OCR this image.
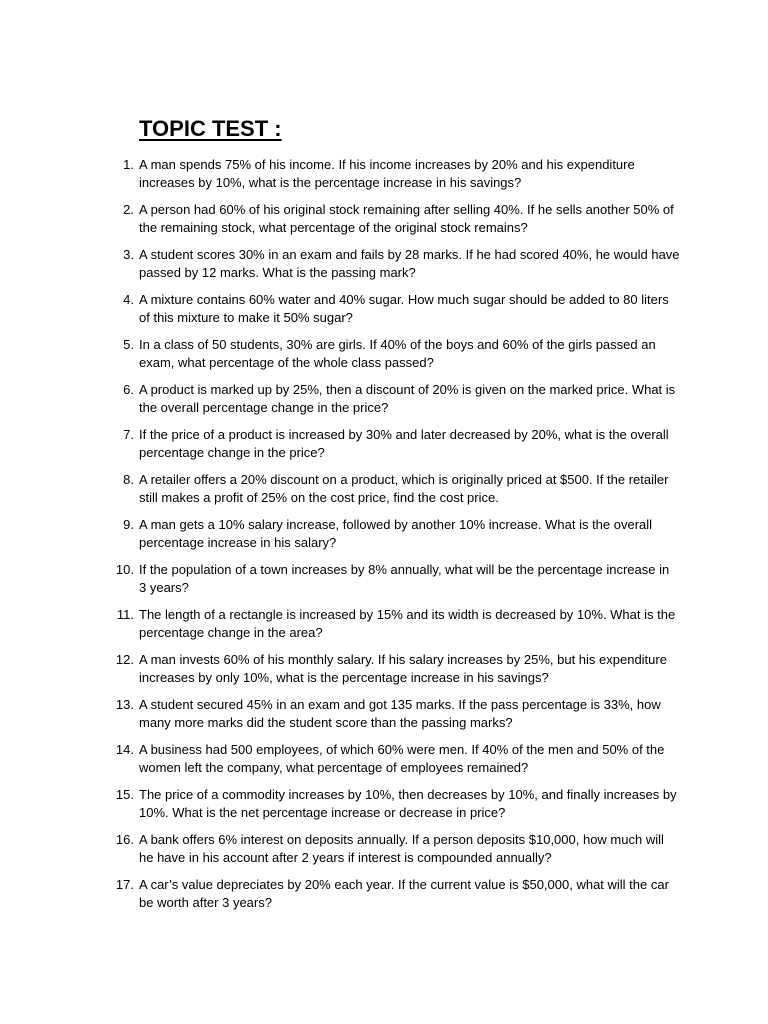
TOPIC TEST :
1. A man spends 75% of his income. If his income increases by 20% and his expenditure increases by 10%, what is the percentage increase in his savings?
2. A person had 60% of his original stock remaining after selling 40%. If he sells another 50% of the remaining stock, what percentage of the original stock remains?
3. A student scores 30% in an exam and fails by 28 marks. If he had scored 40%, he would have passed by 12 marks. What is the passing mark?
4. A mixture contains 60% water and 40% sugar. How much sugar should be added to 80 liters of this mixture to make it 50% sugar?
5. In a class of 50 students, 30% are girls. If 40% of the boys and 60% of the girls passed an exam, what percentage of the whole class passed?
6. A product is marked up by 25%, then a discount of 20% is given on the marked price. What is the overall percentage change in the price?
7. If the price of a product is increased by 30% and later decreased by 20%, what is the overall percentage change in the price?
8. A retailer offers a 20% discount on a product, which is originally priced at $500. If the retailer still makes a profit of 25% on the cost price, find the cost price.
9. A man gets a 10% salary increase, followed by another 10% increase. What is the overall percentage increase in his salary?
10. If the population of a town increases by 8% annually, what will be the percentage increase in 3 years?
11. The length of a rectangle is increased by 15% and its width is decreased by 10%. What is the percentage change in the area?
12. A man invests 60% of his monthly salary. If his salary increases by 25%, but his expenditure increases by only 10%, what is the percentage increase in his savings?
13. A student secured 45% in an exam and got 135 marks. If the pass percentage is 33%, how many more marks did the student score than the passing marks?
14. A business had 500 employees, of which 60% were men. If 40% of the men and 50% of the women left the company, what percentage of employees remained?
15. The price of a commodity increases by 10%, then decreases by 10%, and finally increases by 10%. What is the net percentage increase or decrease in price?
16. A bank offers 6% interest on deposits annually. If a person deposits $10,000, how much will he have in his account after 2 years if interest is compounded annually?
17. A car’s value depreciates by 20% each year. If the current value is $50,000, what will the car be worth after 3 years?
